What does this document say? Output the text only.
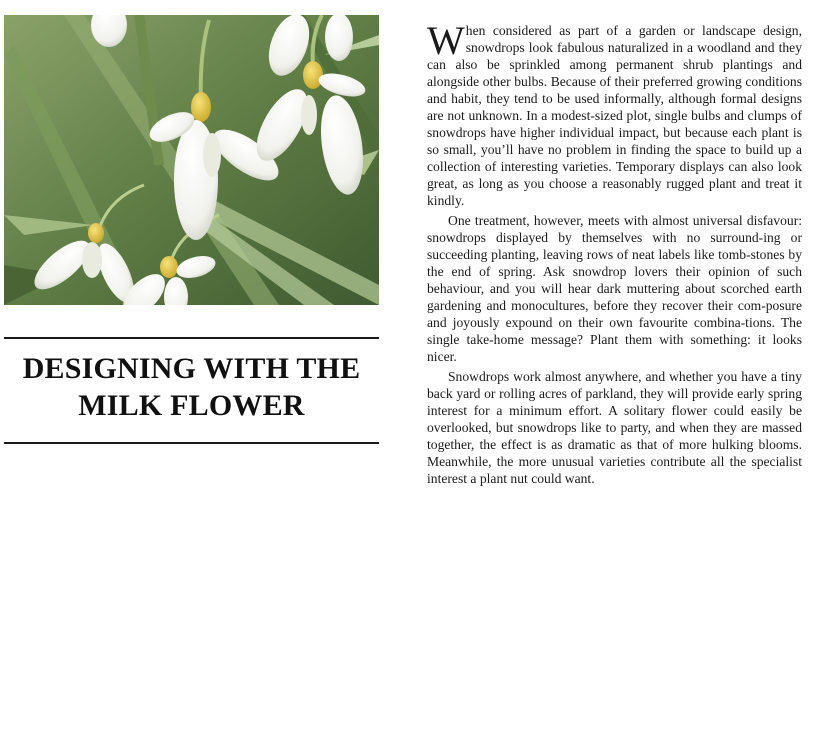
DESIGNING WITH THE
MILK FLOWER

When considered as part of a garden or landscape design, snowdrops look fabulous naturalized in a woodland and they can also be sprinkled among permanent shrub plantings and alongside other bulbs. Because of their preferred growing conditions and habit, they tend to be used informally, although formal designs are not unknown. In a modest-sized plot, single bulbs and clumps of snowdrops have higher individual impact, but because each plant is so small, you’ll have no problem in finding the space to build up a collection of interesting varieties. Temporary displays can also look great, as long as you choose a reasonably rugged plant and treat it kindly.

One treatment, however, meets with almost universal disfavour: snowdrops displayed by themselves with no surround-ing or succeeding planting, leaving rows of neat labels like tomb-stones by the end of spring. Ask snowdrop lovers their opinion of such behaviour, and you will hear dark muttering about scorched earth gardening and monocultures, before they recover their com-posure and joyously expound on their own favourite combina-tions. The single take-home message? Plant them with something: it looks nicer.

Snowdrops work almost anywhere, and whether you have a tiny back yard or rolling acres of parkland, they will provide early spring interest for a minimum effort. A solitary flower could easily be overlooked, but snowdrops like to party, and when they are massed together, the effect is as dramatic as that of more hulking blooms. Meanwhile, the more unusual varieties contribute all the specialist interest a plant nut could want.
